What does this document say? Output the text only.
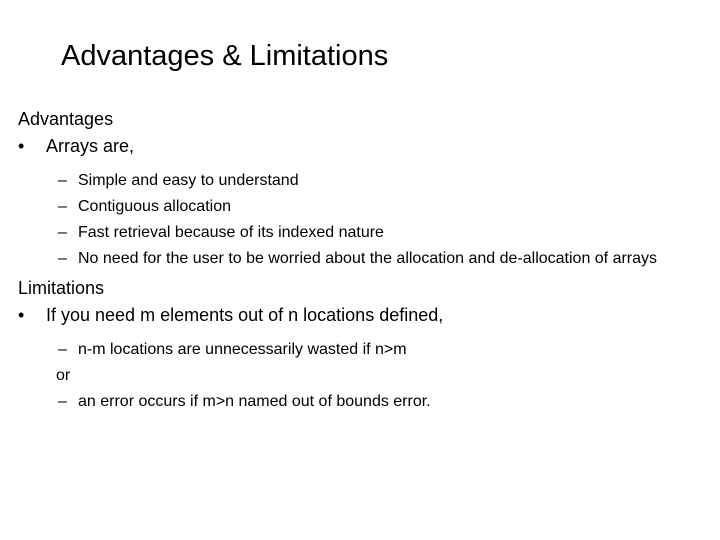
Advantages & Limitations
Advantages
• Arrays are,
– Simple and easy to understand
– Contiguous allocation
– Fast retrieval because of its indexed nature
– No need for the user to be worried about the allocation and de-allocation of arrays
Limitations
• If you need m elements out of n locations defined,
– n-m locations are unnecessarily wasted if n>m
or
– an error occurs if m>n named out of bounds error.
